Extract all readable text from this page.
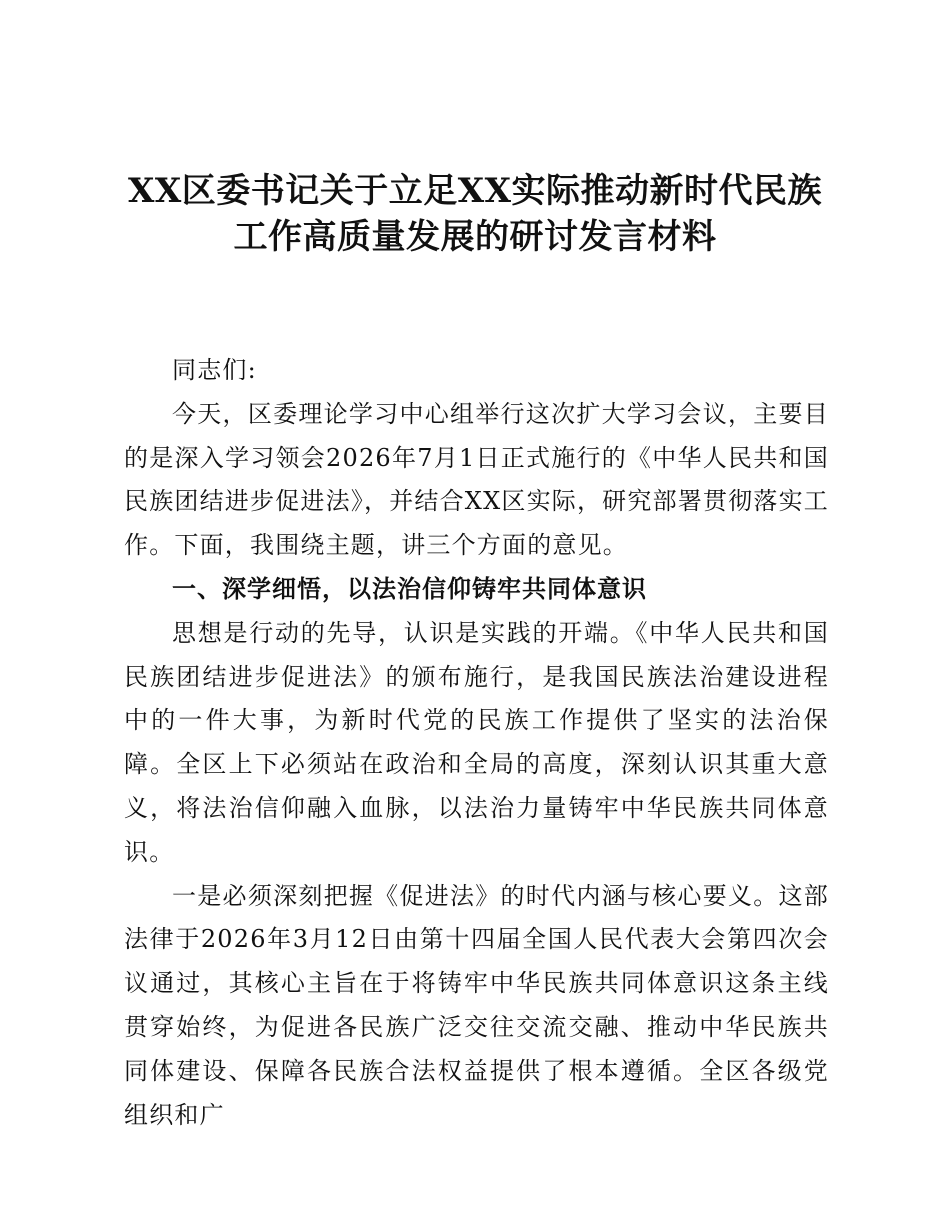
XX区委书记关于立足XX实际推动新时代民族
工作高质量发展的研讨发言材料

同志们:

今天，区委理论学习中心组举行这次扩大学习会议，主要目的是深入学习领会2026年7月1日正式施行的《中华人民共和国民族团结进步促进法》，并结合XX区实际，研究部署贯彻落实工作。下面，我围绕主题，讲三个方面的意见。

一、深学细悟，以法治信仰铸牢共同体意识

思想是行动的先导，认识是实践的开端。《中华人民共和国民族团结进步促进法》的颁布施行，是我国民族法治建设进程中的一件大事，为新时代党的民族工作提供了坚实的法治保障。全区上下必须站在政治和全局的高度，深刻认识其重大意义，将法治信仰融入血脉，以法治力量铸牢中华民族共同体意识。

一是必须深刻把握《促进法》的时代内涵与核心要义。这部法律于2026年3月12日由第十四届全国人民代表大会第四次会议通过，其核心主旨在于将铸牢中华民族共同体意识这条主线贯穿始终，为促进各民族广泛交往交流交融、推动中华民族共同体建设、保障各民族合法权益提供了根本遵循。全区各级党组织和广
